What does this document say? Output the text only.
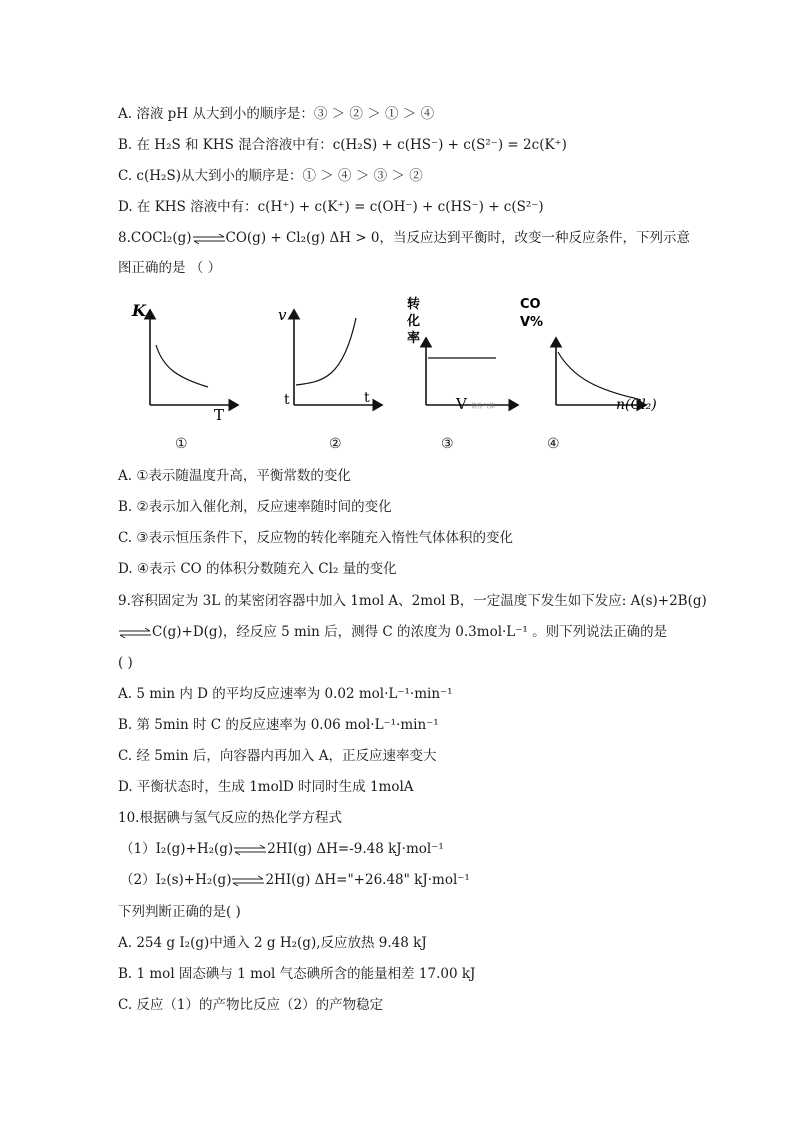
A. 溶液 pH 从大到小的顺序是：③ ＞ ② ＞ ① ＞ ④
B. 在 H₂S 和 KHS 混合溶液中有：c(H₂S) + c(HS⁻) + c(S²⁻) = 2c(K⁺)
C. c(H₂S)从大到小的顺序是：① ＞ ④ ＞ ③ ＞ ②
D. 在 KHS 溶液中有：c(H⁺) + c(K⁺) = c(OH⁻) + c(HS⁻) + c(S²⁻)
8.COCl₂(g)⇌CO(g) + Cl₂(g) ΔH > 0，当反应达到平衡时，改变一种反应条件，下列示意
图正确的是 （ ）
K
T
v
t	t
转
化
率
V 惰性气体
CO
V%
n(Cl₂)
①	②	③	④
A. ①表示随温度升高，平衡常数的变化
B. ②表示加入催化剂，反应速率随时间的变化
C. ③表示恒压条件下，反应物的转化率随充入惰性气体体积的变化
D. ④表示 CO 的体积分数随充入 Cl₂ 量的变化
9.容积固定为 3L 的某密闭容器中加入 1mol A、2mol B，一定温度下发生如下发应: A(s)+2B(g)
⇌C(g)+D(g)，经反应 5 min 后，测得 C 的浓度为 0.3mol·L⁻¹ 。则下列说法正确的是
( )
A. 5 min 内 D 的平均反应速率为 0.02 mol·L⁻¹·min⁻¹
B. 第 5min 时 C 的反应速率为 0.06 mol·L⁻¹·min⁻¹
C. 经 5min 后，向容器内再加入 A，正反应速率变大
D. 平衡状态时，生成 1molD 时同时生成 1molA
10.根据碘与氢气反应的热化学方程式
（1）I₂(g)+H₂(g)⇌2HI(g) ΔH=-9.48 kJ·mol⁻¹
（2）I₂(s)+H₂(g)⇌2HI(g) ΔH="+26.48" kJ·mol⁻¹
下列判断正确的是( )
A. 254 g I₂(g)中通入 2 g H₂(g),反应放热 9.48 kJ
B. 1 mol 固态碘与 1 mol 气态碘所含的能量相差 17.00 kJ
C. 反应（1）的产物比反应（2）的产物稳定
